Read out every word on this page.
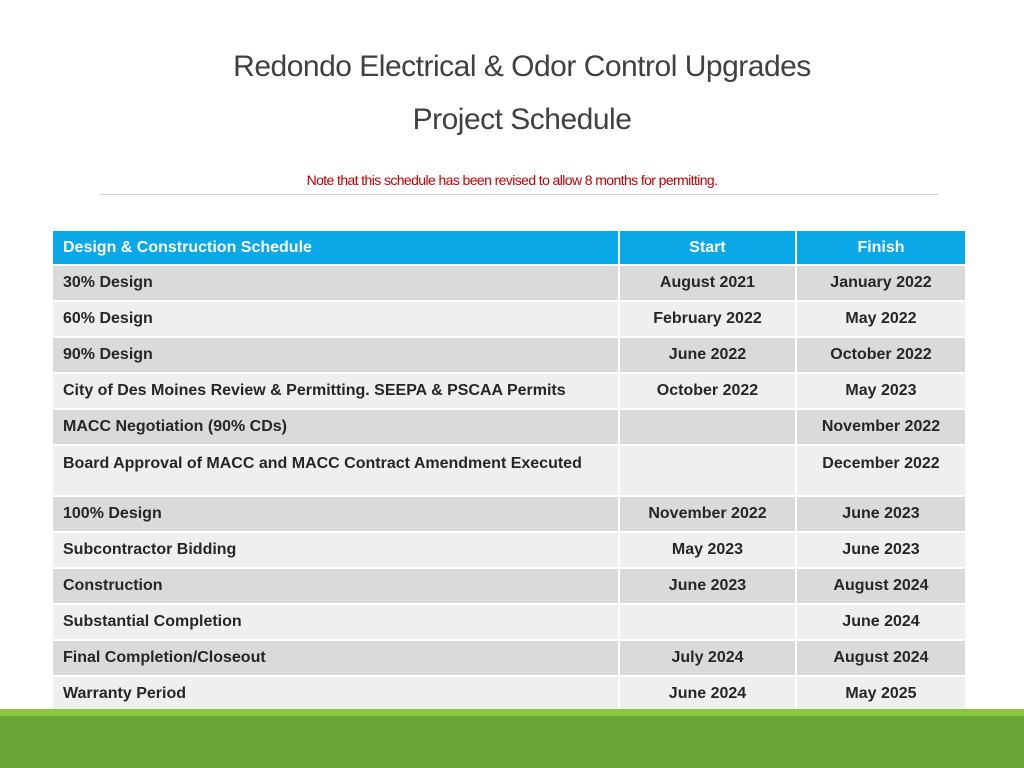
Redondo Electrical & Odor Control Upgrades
Project Schedule
Note that this schedule has been revised to allow 8 months for permitting.
Design & Construction Schedule	Start	Finish
30% Design	August 2021	January 2022
60% Design	February 2022	May 2022
90% Design	June 2022	October 2022
City of Des Moines Review & Permitting. SEEPA & PSCAA Permits	October 2022	May 2023
MACC Negotiation (90% CDs)		November 2022
Board Approval of MACC and MACC Contract Amendment Executed		December 2022
100% Design	November 2022	June 2023
Subcontractor Bidding	May 2023	June 2023
Construction	June 2023	August 2024
Substantial Completion		June 2024
Final Completion/Closeout	July 2024	August 2024
Warranty Period	June 2024	May 2025
